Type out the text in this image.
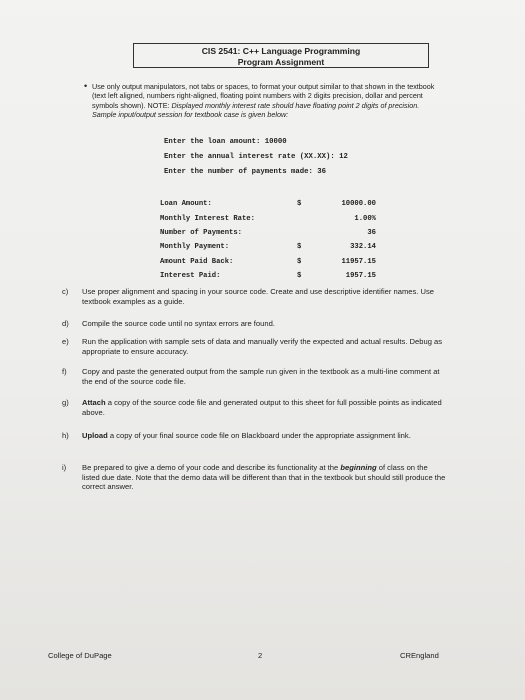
CIS 2541: C++ Language Programming
Program Assignment
• Use only output manipulators, not tabs or spaces, to format your output similar to that shown in the textbook (text left aligned, numbers right-aligned, floating point numbers with 2 digits precision, dollar and percent symbols shown). NOTE: Displayed monthly interest rate should have floating point 2 digits of precision. Sample input/output session for textbook case is given below:
Enter the loan amount: 10000
Enter the annual interest rate (XX.XX): 12
Enter the number of payments made: 36
Loan Amount:	$	10000.00
Monthly Interest Rate:	1.00%
Number of Payments:	36
Monthly Payment:	$	332.14
Amount Paid Back:	$	11957.15
Interest Paid:	$	1957.15
c) Use proper alignment and spacing in your source code. Create and use descriptive identifier names. Use textbook examples as a guide.
d) Compile the source code until no syntax errors are found.
e) Run the application with sample sets of data and manually verify the expected and actual results. Debug as appropriate to ensure accuracy.
f) Copy and paste the generated output from the sample run given in the textbook as a multi-line comment at the end of the source code file.
g) Attach a copy of the source code file and generated output to this sheet for full possible points as indicated above.
h) Upload a copy of your final source code file on Blackboard under the appropriate assignment link.
i) Be prepared to give a demo of your code and describe its functionality at the beginning of class on the listed due date. Note that the demo data will be different than that in the textbook but should still produce the correct answer.
College of DuPage	2	CREngland
